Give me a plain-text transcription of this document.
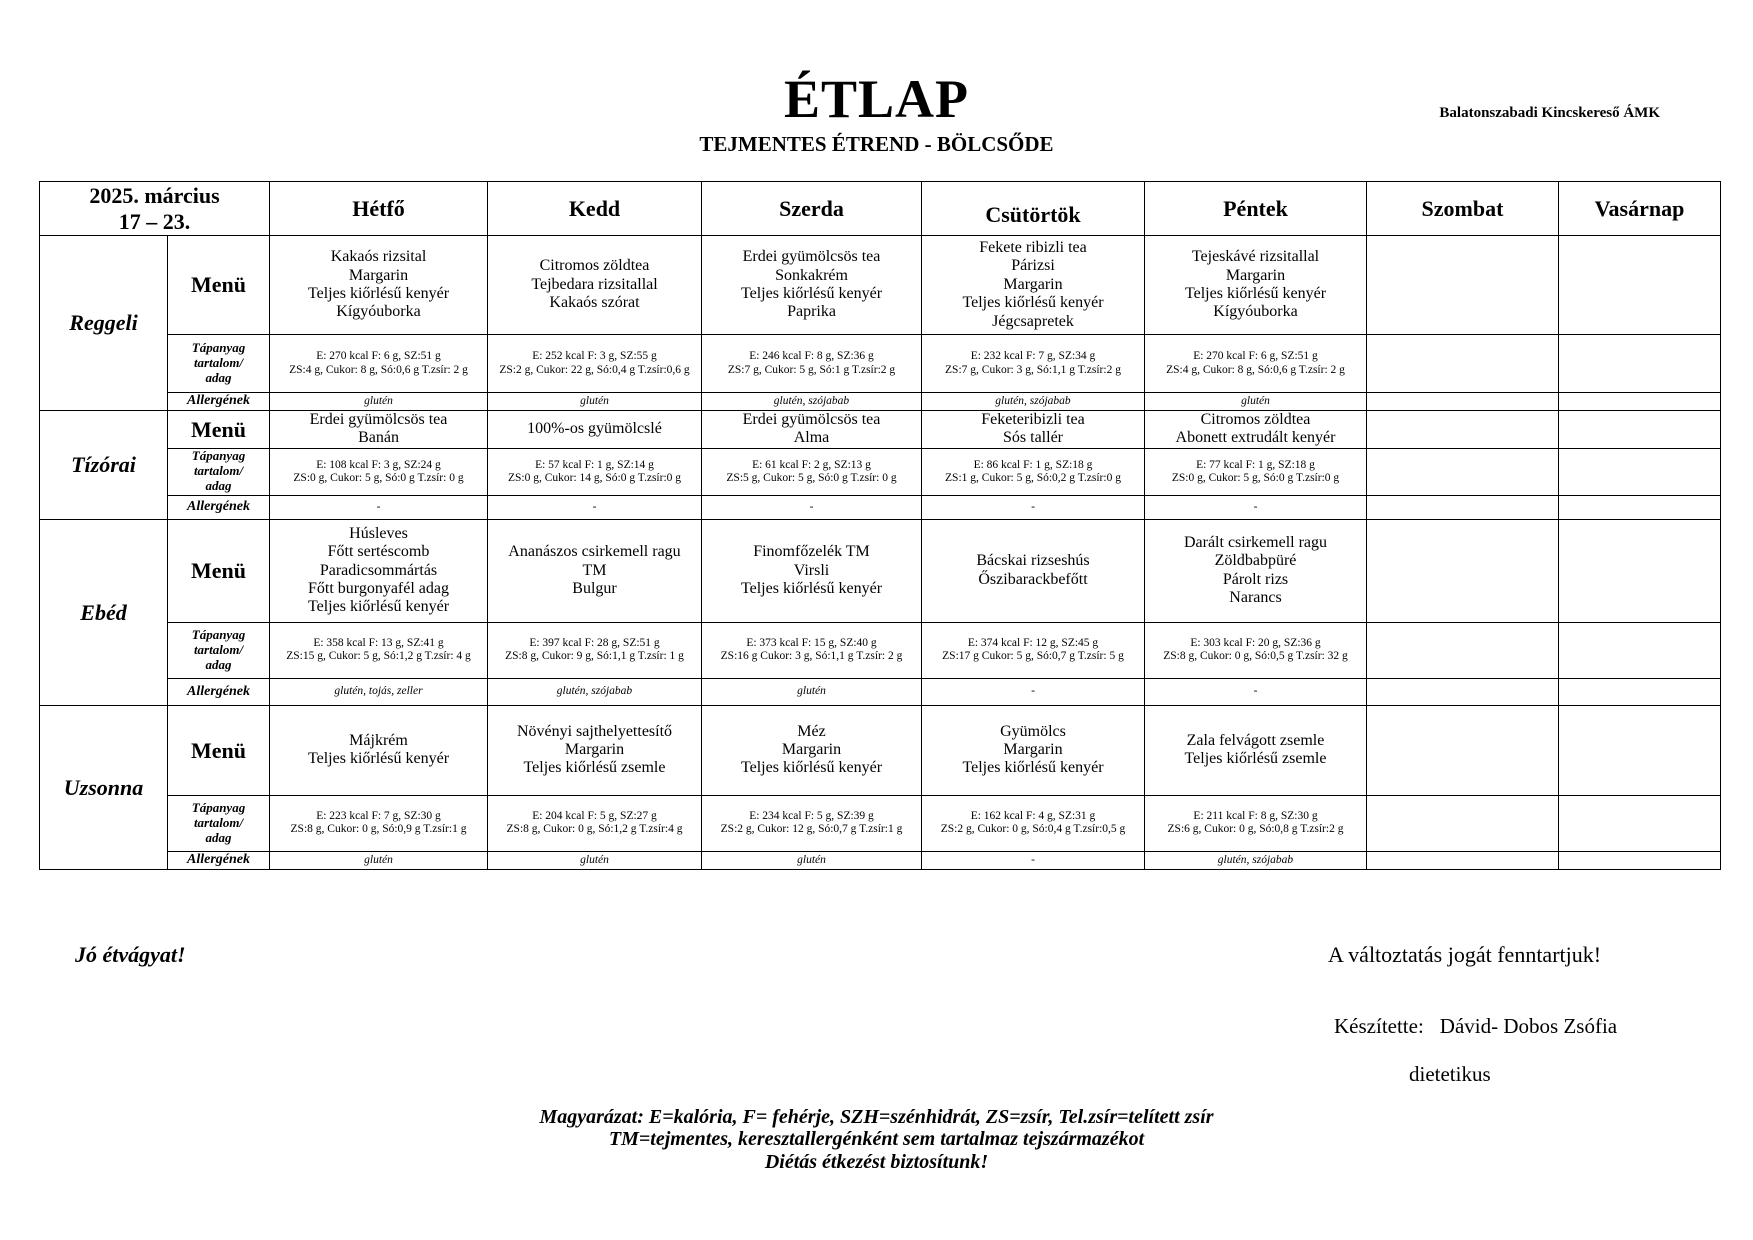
ÉTLAP
TEJMENTES ÉTREND - BÖLCSŐDE
Balatonszabadi Kincskereső ÁMK
2025. március
17 – 23.		Hétfő	Kedd	Szerda	Csütörtök	Péntek	Szombat	Vasárnap
Reggeli	Menü	Kakaós rizsital
Margarin
Teljes kiőrlésű kenyér
Kígyóuborka	Citromos zöldtea
Tejbedara rizsitallal
Kakaós szórat	Erdei gyümölcsös tea
Sonkakrém
Teljes kiőrlésű kenyér
Paprika	Fekete ribizli tea
Párizsi
Margarin
Teljes kiőrlésű kenyér
Jégcsapretek	Tejeskávé rizsitallal
Margarin
Teljes kiőrlésű kenyér
Kígyóuborka		

	Tápanyag
tartalom/
adag	E: 270 kcal F: 6 g, SZ:51 g
ZS:4 g, Cukor: 8 g, Só:0,6 g T.zsír: 2 g	E: 252 kcal F: 3 g, SZ:55 g
ZS:2 g, Cukor: 22 g, Só:0,4 g T.zsír:0,6 g	E: 246 kcal F: 8 g, SZ:36 g
ZS:7 g, Cukor: 5 g, Só:1 g T.zsír:2 g	E: 232 kcal F: 7 g, SZ:34 g
ZS:7 g, Cukor: 3 g, Só:1,1 g T.zsír:2 g	E: 270 kcal F: 6 g, SZ:51 g
ZS:4 g, Cukor: 8 g, Só:0,6 g T.zsír: 2 g		

	Allergének	glutén	glutén	glutén, szójabab	glutén, szójabab	glutén		
Tízórai	Menü	Erdei gyümölcsös tea
Banán	100%-os gyümölcslé	Erdei gyümölcsös tea
Alma	Feketeribizli tea
Sós tallér	Citromos zöldtea
Abonett extrudált kenyér		

	Tápanyag
tartalom/
adag	E: 108 kcal F: 3 g, SZ:24 g
ZS:0 g, Cukor: 5 g, Só:0 g T.zsír: 0 g	E: 57 kcal F: 1 g, SZ:14 g
ZS:0 g, Cukor: 14 g, Só:0 g T.zsír:0 g	E: 61 kcal F: 2 g, SZ:13 g
ZS:5 g, Cukor: 5 g, Só:0 g T.zsír: 0 g	E: 86 kcal F: 1 g, SZ:18 g
ZS:1 g, Cukor: 5 g, Só:0,2 g T.zsír:0 g	E: 77 kcal F: 1 g, SZ:18 g
ZS:0 g, Cukor: 5 g, Só:0 g T.zsír:0 g		

	Allergének	-	-	-	-	-		
Ebéd	Menü	Húsleves
Főtt sertéscomb
Paradicsommártás
Főtt burgonyafél adag
Teljes kiőrlésű kenyér	Ananászos csirkemell ragu
TM
Bulgur	Finomfőzelék TM
Virsli
Teljes kiőrlésű kenyér	Bácskai rizseshús
Őszibarackbefőtt	Darált csirkemell ragu
Zöldbabpüré
Párolt rizs
Narancs		

	Tápanyag
tartalom/
adag	E: 358 kcal F: 13 g, SZ:41 g
ZS:15 g, Cukor: 5 g, Só:1,2 g T.zsír: 4 g	E: 397 kcal F: 28 g, SZ:51 g
ZS:8 g, Cukor: 9 g, Só:1,1 g T.zsír: 1 g	E: 373 kcal F: 15 g, SZ:40 g
ZS:16 g Cukor: 3 g, Só:1,1 g T.zsír: 2 g	E: 374 kcal F: 12 g, SZ:45 g
ZS:17 g Cukor: 5 g, Só:0,7 g T.zsír: 5 g	E: 303 kcal F: 20 g, SZ:36 g
ZS:8 g, Cukor: 0 g, Só:0,5 g T.zsír: 32 g		

	Allergének	glutén, tojás, zeller	glutén, szójabab	glutén	-	-		
Uzsonna	Menü	Májkrém
Teljes kiőrlésű kenyér	Növényi sajthelyettesítő
Margarin
Teljes kiőrlésű zsemle	Méz
Margarin
Teljes kiőrlésű kenyér	Gyümölcs
Margarin
Teljes kiőrlésű kenyér	Zala felvágott zsemle
Teljes kiőrlésű zsemle		

	Tápanyag
tartalom/
adag	E: 223 kcal F: 7 g, SZ:30 g
ZS:8 g, Cukor: 0 g, Só:0,9 g T.zsír:1 g	E: 204 kcal F: 5 g, SZ:27 g
ZS:8 g, Cukor: 0 g, Só:1,2 g T.zsír:4 g	E: 234 kcal F: 5 g, SZ:39 g
ZS:2 g, Cukor: 12 g, Só:0,7 g T.zsír:1 g	E: 162 kcal F: 4 g, SZ:31 g
ZS:2 g, Cukor: 0 g, Só:0,4 g T.zsír:0,5 g	E: 211 kcal F: 8 g, SZ:30 g
ZS:6 g, Cukor: 0 g, Só:0,8 g T.zsír:2 g		

	Allergének	glutén	glutén	glutén	-	glutén, szójabab		
Jó étvágyat!	A változtatás jogát fenntartjuk!
Készítette: Dávid- Dobos Zsófia
dietetikus
Magyarázat: E=kalória, F= fehérje, SZH=szénhidrát, ZS=zsír, Tel.zsír=telített zsír
TM=tejmentes, keresztallergénként sem tartalmaz tejszármazékot
Diétás étkezést biztosítunk!
